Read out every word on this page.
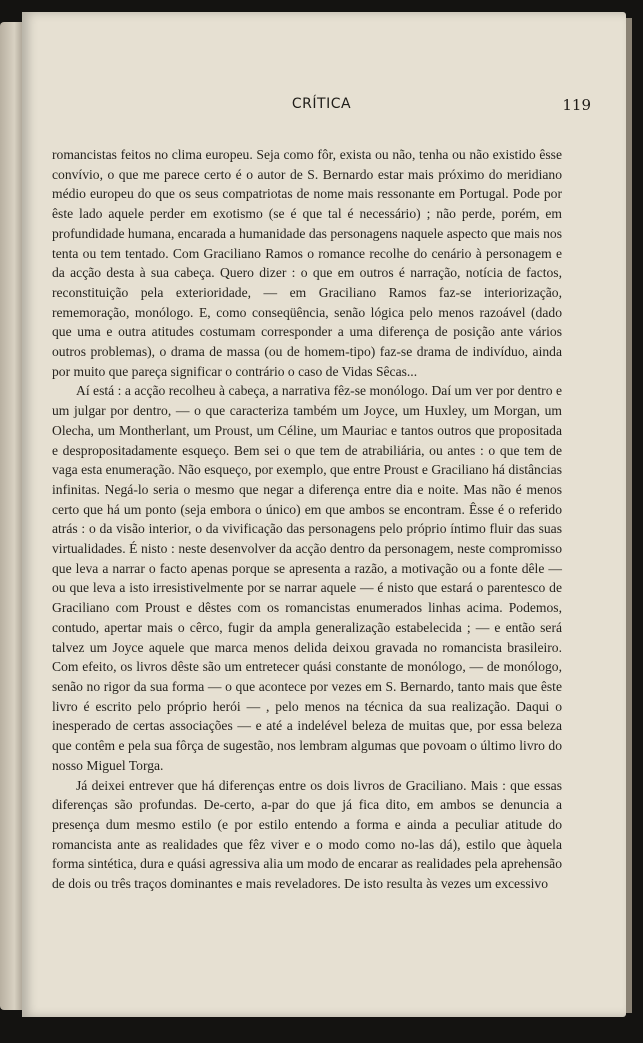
CRÍTICA	119

romancistas feitos no clima europeu. Seja como fôr, exista ou não, tenha ou não existido êsse convívio, o que me parece certo é o autor de S. Bernardo estar mais próximo do meridiano médio europeu do que os seus compatriotas de nome mais ressonante em Portugal. Pode por êste lado aquele perder em exotismo (se é que tal é necessário) ; não perde, porém, em profundidade humana, encarada a humanidade das personagens naquele aspecto que mais nos tenta ou tem tentado. Com Graciliano Ramos o romance recolhe do cenário à personagem e da acção desta à sua cabeça. Quero dizer : o que em outros é narração, notícia de factos, reconstituição pela exterioridade, — em Graciliano Ramos faz-se interiorização, rememoração, monólogo. E, como conseqüência, senão lógica pelo menos razoável (dado que uma e outra atitudes costumam corresponder a uma diferença de posição ante vários outros problemas), o drama de massa (ou de homem-tipo) faz-se drama de indivíduo, ainda por muito que pareça significar o contrário o caso de Vidas Sêcas...

Aí está : a acção recolheu à cabeça, a narrativa fêz-se monólogo. Daí um ver por dentro e um julgar por dentro, — o que caracteriza também um Joyce, um Huxley, um Morgan, um Olecha, um Montherlant, um Proust, um Céline, um Mauriac e tantos outros que propositada e despropositadamente esqueço. Bem sei o que tem de atrabiliária, ou antes : o que tem de vaga esta enumeração. Não esqueço, por exemplo, que entre Proust e Graciliano há distâncias infinitas. Negá-lo seria o mesmo que negar a diferença entre dia e noite. Mas não é menos certo que há um ponto (seja embora o único) em que ambos se encontram. Êsse é o referido atrás : o da visão interior, o da vivificação das personagens pelo próprio íntimo fluir das suas virtualidades. É nisto : neste desenvolver da acção dentro da personagem, neste compromisso que leva a narrar o facto apenas porque se apresenta a razão, a motivação ou a fonte dêle — ou que leva a isto irresistivelmente por se narrar aquele — é nisto que estará o parentesco de Graciliano com Proust e dêstes com os romancistas enumerados linhas acima. Podemos, contudo, apertar mais o cêrco, fugir da ampla generalização estabelecida ; — e então será talvez um Joyce aquele que marca menos delida deixou gravada no romancista brasileiro. Com efeito, os livros dêste são um entretecer quási constante de monólogo, — de monólogo, senão no rigor da sua forma — o que acontece por vezes em S. Bernardo, tanto mais que êste livro é escrito pelo próprio herói — , pelo menos na técnica da sua realização. Daqui o inesperado de certas associações — e até a indelével beleza de muitas que, por essa beleza que contêm e pela sua fôrça de sugestão, nos lembram algumas que povoam o último livro do nosso Miguel Torga.

Já deixei entrever que há diferenças entre os dois livros de Graciliano. Mais : que essas diferenças são profundas. De-certo, a-par do que já fica dito, em ambos se denuncia a presença dum mesmo estilo (e por estilo entendo a forma e ainda a peculiar atitude do romancista ante as realidades que fêz viver e o modo como no-las dá), estilo que àquela forma sintética, dura e quási agressiva alia um modo de encarar as realidades pela aprehensão de dois ou três traços dominantes e mais reveladores. De isto resulta às vezes um excessivo
